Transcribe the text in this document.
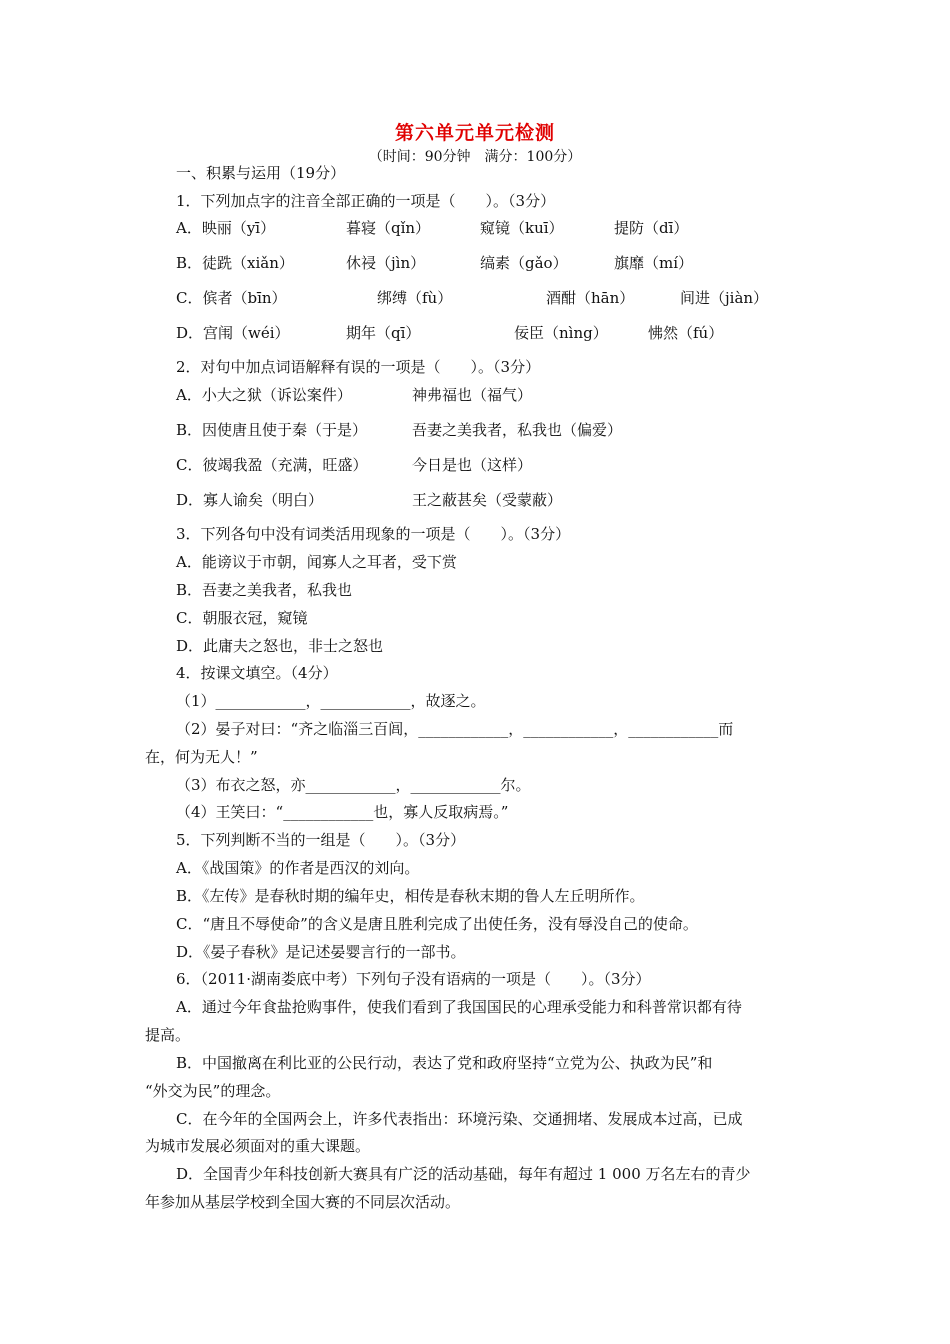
第六单元单元检测
（时间：90分钟　满分：100分）
一、积累与运用（19分）
1．下列加点字的注音全部正确的一项是（　　）。（3分）
A．映丽（yī）	暮寝（qǐn）	窥镜（kuī）	提防（dī）
B．徒跣（xiǎn）	休祲（jìn）	缟素（gǎo）	旗靡（mí）
C．傧者（bīn）	绑缚（fù）	酒酣（hān）	间进（jiàn）
D．宫闱（wéi）	期年（qī）	佞臣（nìng）	怫然（fú）
2．对句中加点词语解释有误的一项是（　　）。（3分）
A．小大之狱（诉讼案件）	神弗福也（福气）
B．因使唐且使于秦（于是）	吾妻之美我者，私我也（偏爱）
C．彼竭我盈（充满，旺盛）	今日是也（这样）
D．寡人谕矣（明白）	王之蔽甚矣（受蒙蔽）
3．下列各句中没有词类活用现象的一项是（　　）。（3分）
A．能谤议于市朝，闻寡人之耳者，受下赏
B．吾妻之美我者，私我也
C．朝服衣冠，窥镜
D．此庸夫之怒也，非士之怒也
4．按课文填空。（4分）
（1）____________，____________，故逐之。
（2）晏子对曰：“齐之临淄三百闾，____________，____________，____________而
在，何为无人！”
（3）布衣之怒，亦____________，____________尔。
（4）王笑曰：“____________也，寡人反取病焉。”
5．下列判断不当的一组是（　　）。（3分）
A．《战国策》的作者是西汉的刘向。
B．《左传》是春秋时期的编年史，相传是春秋末期的鲁人左丘明所作。
C．“唐且不辱使命”的含义是唐且胜利完成了出使任务，没有辱没自己的使命。
D．《晏子春秋》是记述晏婴言行的一部书。
6．（2011·湖南娄底中考）下列句子没有语病的一项是（　　）。（3分）
A．通过今年食盐抢购事件，使我们看到了我国国民的心理承受能力和科普常识都有待
提高。
B．中国撤离在利比亚的公民行动，表达了党和政府坚持“立党为公、执政为民”和
“外交为民”的理念。
C．在今年的全国两会上，许多代表指出：环境污染、交通拥堵、发展成本过高，已成
为城市发展必须面对的重大课题。
D．全国青少年科技创新大赛具有广泛的活动基础，每年有超过 1 000 万名左右的青少
年参加从基层学校到全国大赛的不同层次活动。
